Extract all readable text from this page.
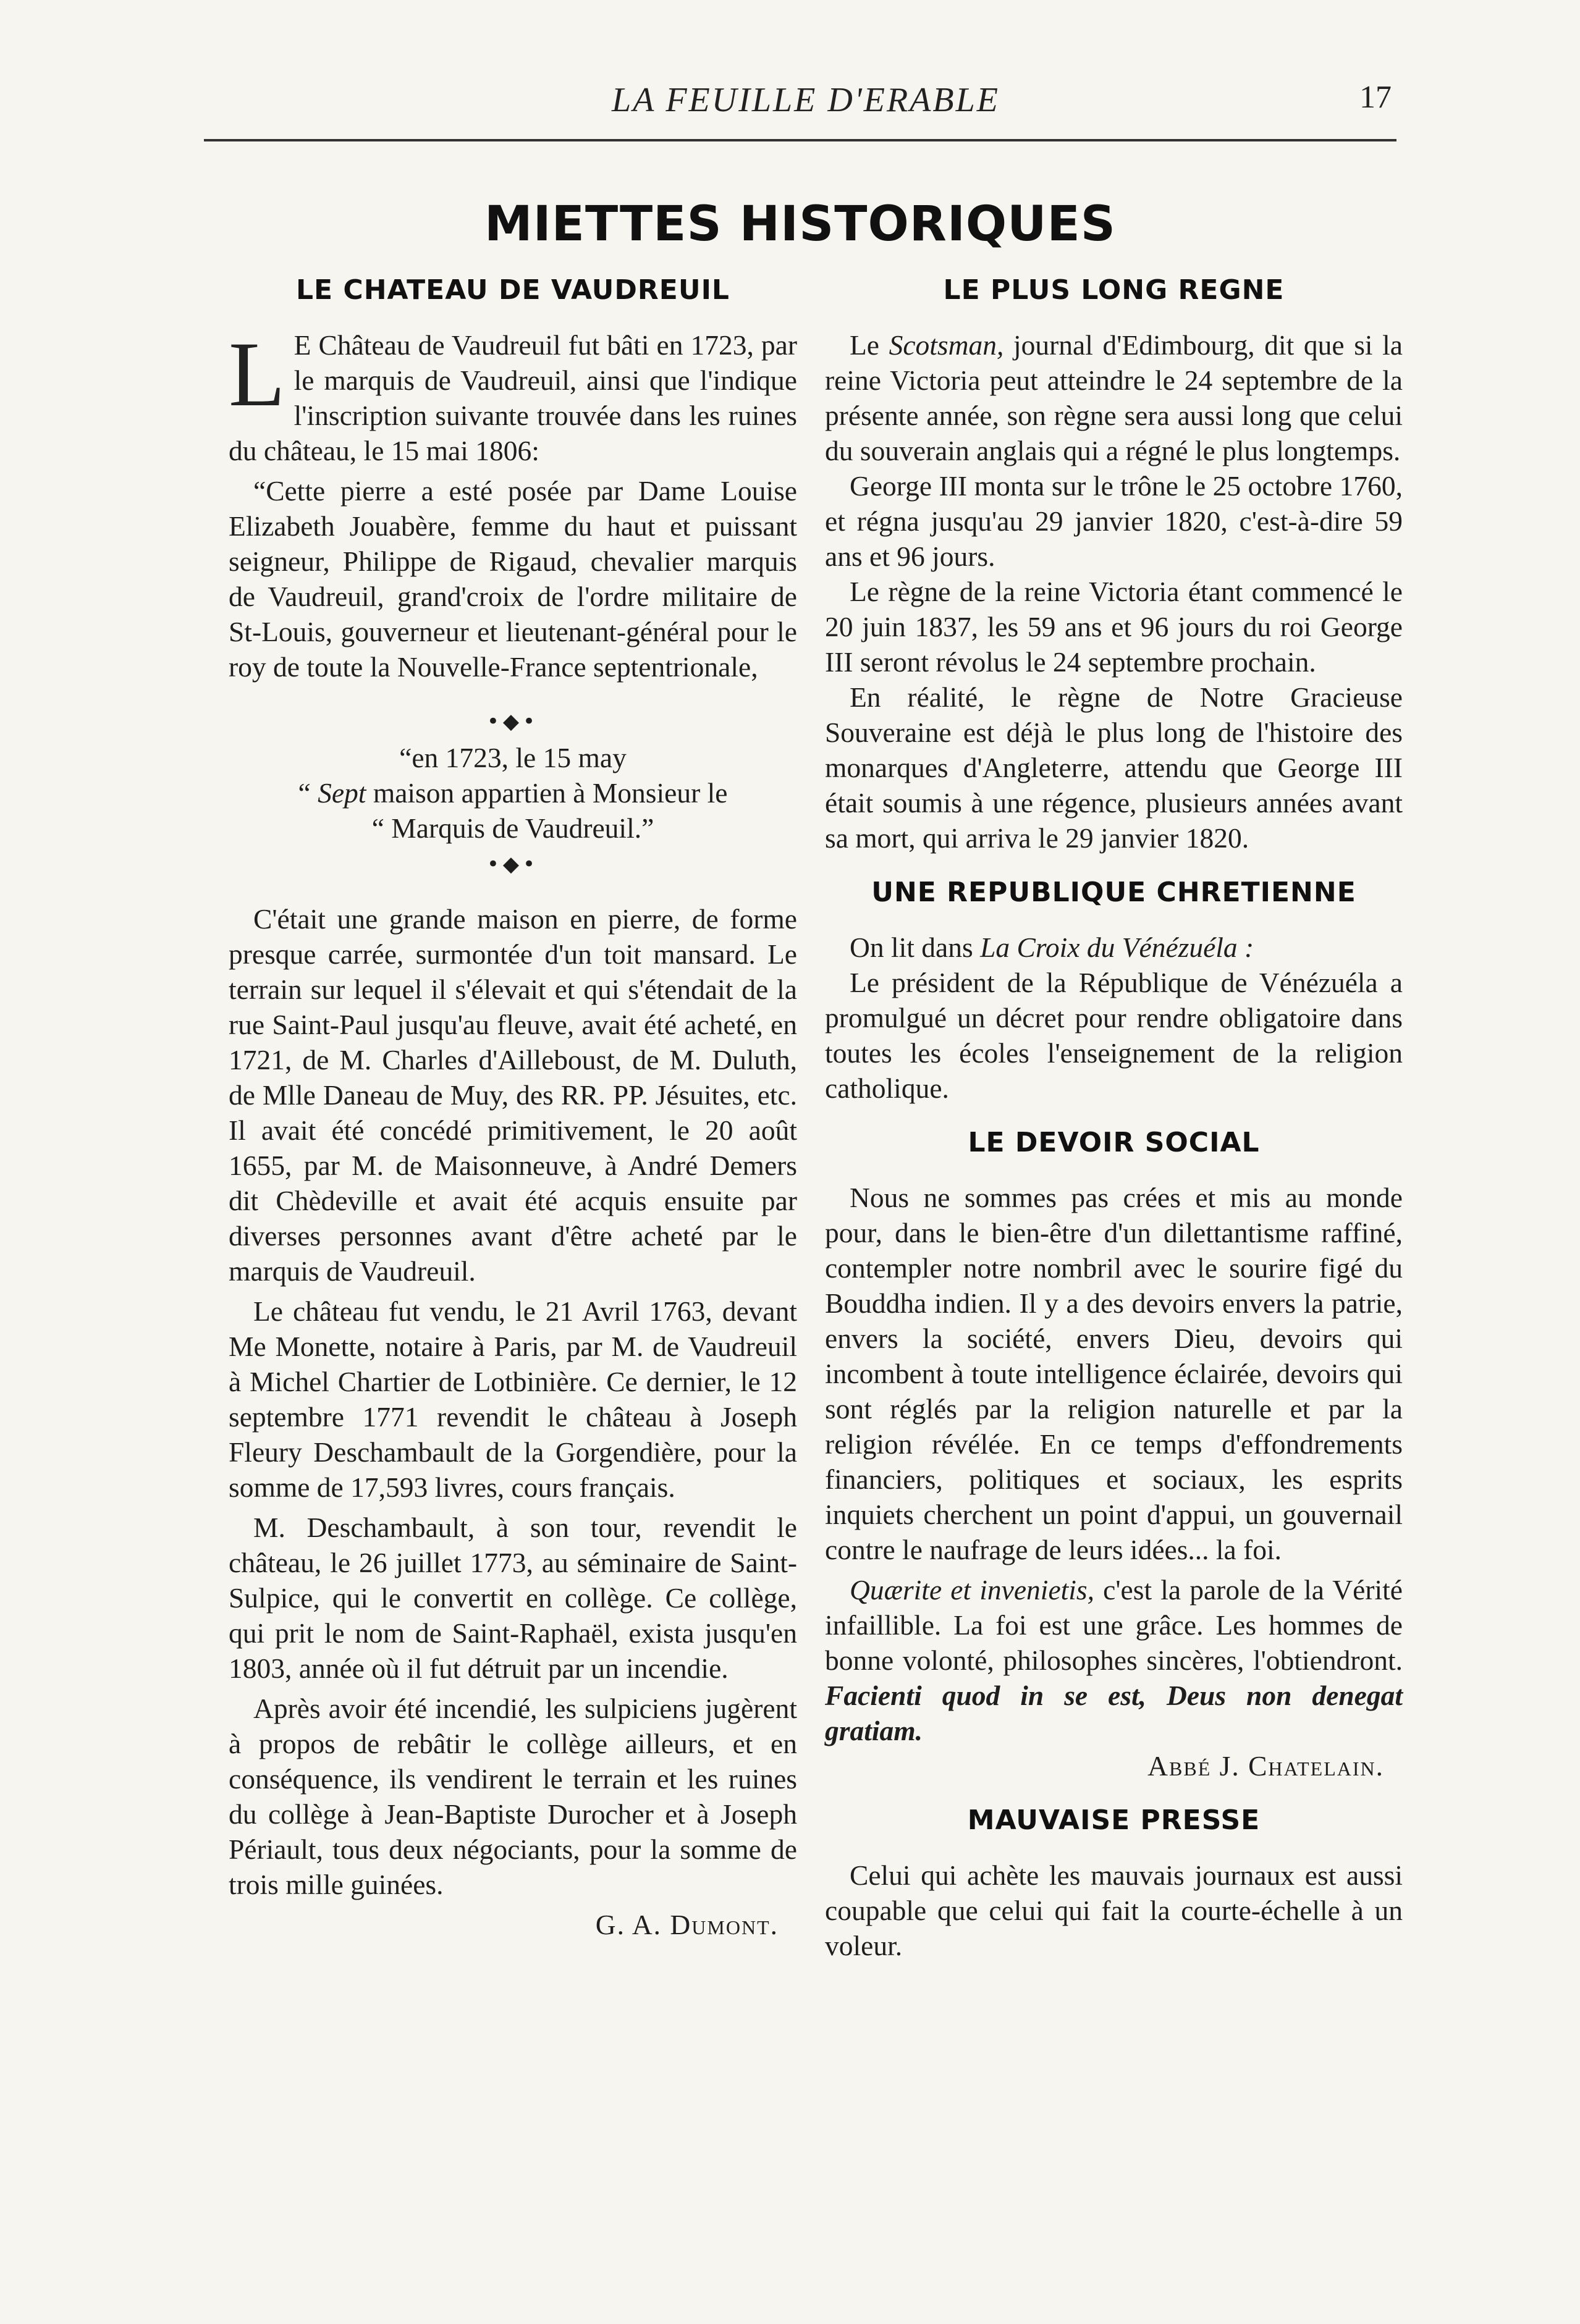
LA FEUILLE D'ERABLE	17
MIETTES HISTORIQUES
LE CHATEAU DE VAUDREUIL

L E Château de Vaudreuil fut bâti en 1723, par le marquis de Vaudreuil, ainsi que l'indique l'inscription suivante trouvée dans les ruines du château, le 15 mai 1806:

“Cette pierre a esté posée par Dame Louise Elizabeth Jouabère, femme du haut et puissant seigneur, Philippe de Rigaud, chevalier marquis de Vaudreuil, grand'croix de l'ordre militaire de St-Louis, gouverneur et lieutenant-général pour le roy de toute la Nouvelle-France septentrionale,

•◆•

“en 1723, le 15 may

“ Sept maison appartien à Monsieur le

“ Marquis de Vaudreuil.”

•◆•

C'était une grande maison en pierre, de forme presque carrée, surmontée d'un toit mansard. Le terrain sur lequel il s'élevait et qui s'étendait de la rue Saint-Paul jusqu'au fleuve, avait été acheté, en 1721, de M. Charles d'Ailleboust, de M. Duluth, de Mlle Daneau de Muy, des RR. PP. Jésuites, etc. Il avait été concédé primitivement, le 20 août 1655, par M. de Maisonneuve, à André Demers dit Chèdeville et avait été acquis ensuite par diverses personnes avant d'être acheté par le marquis de Vaudreuil.

Le château fut vendu, le 21 Avril 1763, devant Me Monette, notaire à Paris, par M. de Vaudreuil à Michel Chartier de Lotbinière. Ce dernier, le 12 septembre 1771 revendit le château à Joseph Fleury Deschambault de la Gorgendière, pour la somme de 17,593 livres, cours français.

M. Deschambault, à son tour, revendit le château, le 26 juillet 1773, au séminaire de Saint-Sulpice, qui le convertit en collège. Ce collège, qui prit le nom de Saint-Raphaël, exista jusqu'en 1803, année où il fut détruit par un incendie.

Après avoir été incendié, les sulpiciens jugèrent à propos de rebâtir le collège ailleurs, et en conséquence, ils vendirent le terrain et les ruines du collège à Jean-Baptiste Durocher et à Joseph Périault, tous deux négociants, pour la somme de trois mille guinées.

G. A. Dumont.

LE PLUS LONG REGNE

Le Scotsman, journal d'Edimbourg, dit que si la reine Victoria peut atteindre le 24 septembre de la présente année, son règne sera aussi long que celui du souverain anglais qui a régné le plus longtemps.

George III monta sur le trône le 25 octobre 1760, et régna jusqu'au 29 janvier 1820, c'est-à-dire 59 ans et 96 jours.

Le règne de la reine Victoria étant commencé le 20 juin 1837, les 59 ans et 96 jours du roi George III seront révolus le 24 septembre prochain.

En réalité, le règne de Notre Gracieuse Souveraine est déjà le plus long de l'histoire des monarques d'Angleterre, attendu que George III était soumis à une régence, plusieurs années avant sa mort, qui arriva le 29 janvier 1820.

UNE REPUBLIQUE CHRETIENNE

On lit dans La Croix du Vénézuéla :

Le président de la République de Vénézuéla a promulgué un décret pour rendre obligatoire dans toutes les écoles l'enseignement de la religion catholique.

LE DEVOIR SOCIAL

Nous ne sommes pas crées et mis au monde pour, dans le bien-être d'un dilettantisme raffiné, contempler notre nombril avec le sourire figé du Bouddha indien. Il y a des devoirs envers la patrie, envers la société, envers Dieu, devoirs qui incombent à toute intelligence éclairée, devoirs qui sont réglés par la religion naturelle et par la religion révélée. En ce temps d'effondrements financiers, politiques et sociaux, les esprits inquiets cherchent un point d'appui, un gouvernail contre le naufrage de leurs idées... la foi.

Quærite et invenietis, c'est la parole de la Vérité infaillible. La foi est une grâce. Les hommes de bonne volonté, philosophes sincères, l'obtiendront. Facienti quod in se est, Deus non denegat gratiam.

Abbé J. Chatelain.

MAUVAISE PRESSE

Celui qui achète les mauvais journaux est aussi coupable que celui qui fait la courte-échelle à un voleur.
